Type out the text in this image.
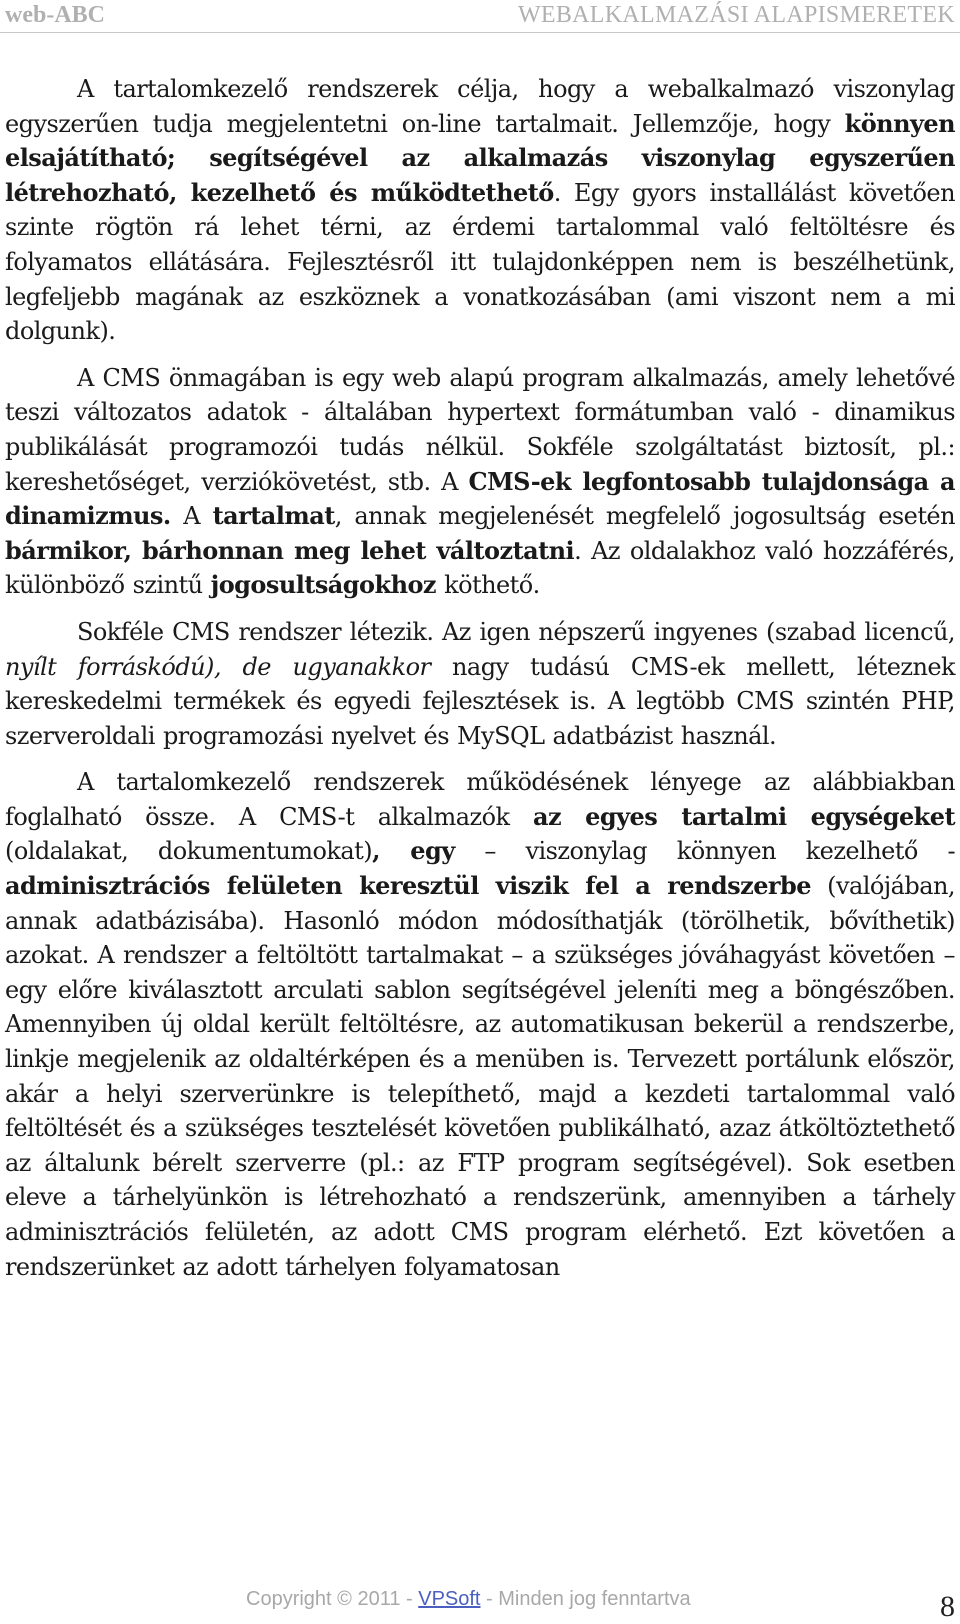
web-ABC	WEBALKALMAZÁSI ALAPISMERETEK

A tartalomkezelő rendszerek célja, hogy a webalkalmazó viszonylag egyszerűen tudja megjelentetni on-line tartalmait. Jellemzője, hogy könnyen elsajátítható; segítségével az alkalmazás viszonylag egyszerűen létrehozható, kezelhető és működtethető. Egy gyors installálást követően szinte rögtön rá lehet térni, az érdemi tartalommal való feltöltésre és folyamatos ellátására. Fejlesztésről itt tulajdonképpen nem is beszélhetünk, legfeljebb magának az eszköznek a vonatkozásában (ami viszont nem a mi dolgunk).

A CMS önmagában is egy web alapú program alkalmazás, amely lehetővé teszi változatos adatok - általában hypertext formátumban való - dinamikus publikálását programozói tudás nélkül. Sokféle szolgáltatást biztosít, pl.: kereshetőséget, verziókövetést, stb. A CMS-ek legfontosabb tulajdonsága a dinamizmus. A tartalmat, annak megjelenését megfelelő jogosultság esetén bármikor, bárhonnan meg lehet változtatni. Az oldalakhoz való hozzáférés, különböző szintű jogosultságokhoz köthető.

Sokféle CMS rendszer létezik. Az igen népszerű ingyenes (szabad licencű, nyílt forráskódú), de ugyanakkor nagy tudású CMS-ek mellett, léteznek kereskedelmi termékek és egyedi fejlesztések is. A legtöbb CMS szintén PHP, szerveroldali programozási nyelvet és MySQL adatbázist használ.

A tartalomkezelő rendszerek működésének lényege az alábbiakban foglalható össze. A CMS-t alkalmazók az egyes tartalmi egységeket (oldalakat, dokumentumokat), egy – viszonylag könnyen kezelhető - adminisztrációs felületen keresztül viszik fel a rendszerbe (valójában, annak adatbázisába). Hasonló módon módosíthatják (törölhetik, bővíthetik) azokat. A rendszer a feltöltött tartalmakat – a szükséges jóváhagyást követően – egy előre kiválasztott arculati sablon segítségével jeleníti meg a böngészőben. Amennyiben új oldal került feltöltésre, az automatikusan bekerül a rendszerbe, linkje megjelenik az oldaltérképen és a menüben is. Tervezett portálunk először, akár a helyi szerverünkre is telepíthető, majd a kezdeti tartalommal való feltöltését és a szükséges tesztelését követően publikálható, azaz átköltöztethető az általunk bérelt szerverre (pl.: az FTP program segítségével). Sok esetben eleve a tárhelyünkön is létrehozható a rendszerünk, amennyiben a tárhely adminisztrációs felületén, az adott CMS program elérhető. Ezt követően a rendszerünket az adott tárhelyen folyamatosan

Copyright © 2011 - VPSoft - Minden jog fenntartva	8
